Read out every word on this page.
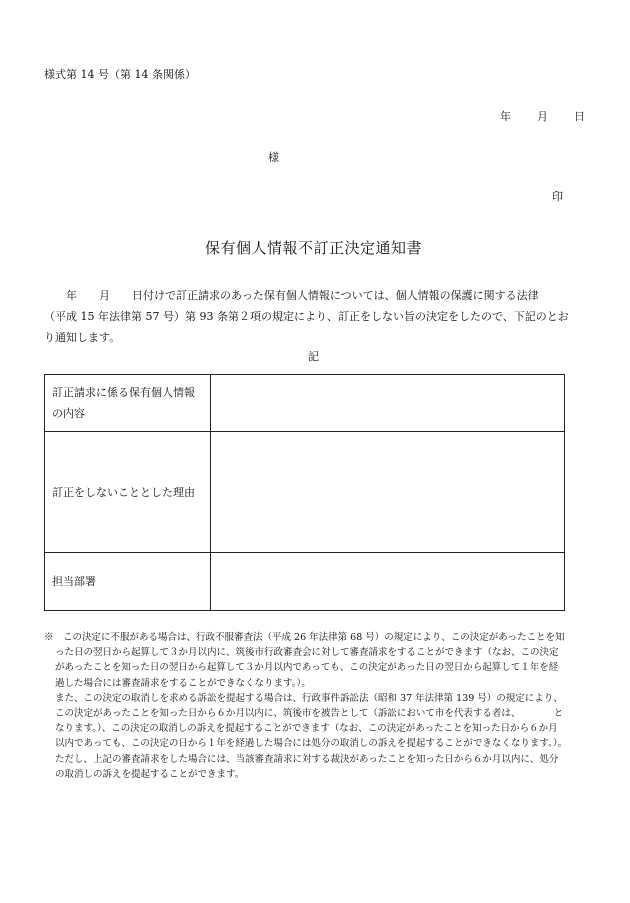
様式第 14 号（第 14 条関係）
年 月 日
様
印
保有個人情報不訂正決定通知書
　　年　　月　　日付けで訂正請求のあった保有個人情報については、個人情報の保護に関する法律
（平成 15 年法律第 57 号）第 93 条第２項の規定により、訂正をしない旨の決定をしたので、下記のとお
り通知します。
記
訂正請求に係る保有個人情報
の内容	

訂正をしないこととした理由	

担当部署	

※　この決定に不服がある場合は、行政不服審査法（平成 26 年法律第 68 号）の規定により、この決定があったことを知
った日の翌日から起算して３か月以内に、筑後市行政審査会に対して審査請求をすることができます（なお、この決定
があったことを知った日の翌日から起算して３か月以内であっても、この決定があった日の翌日から起算して１年を経
過した場合には審査請求をすることができなくなります。）。
また、この決定の取消しを求める訴訟を提起する場合は、行政事件訴訟法（昭和 37 年法律第 139 号）の規定により、
この決定があったことを知った日から６か月以内に、筑後市を被告として（訴訟において市を代表する者は、　　　　と
なります。）、この決定の取消しの訴えを提起することができます（なお、この決定があったことを知った日から６か月
以内であっても、この決定の日から１年を経過した場合には処分の取消しの訴えを提起することができなくなります。）。
ただし、上記の審査請求をした場合には、当該審査請求に対する裁決があったことを知った日から６か月以内に、処分
の取消しの訴えを提起することができます。
